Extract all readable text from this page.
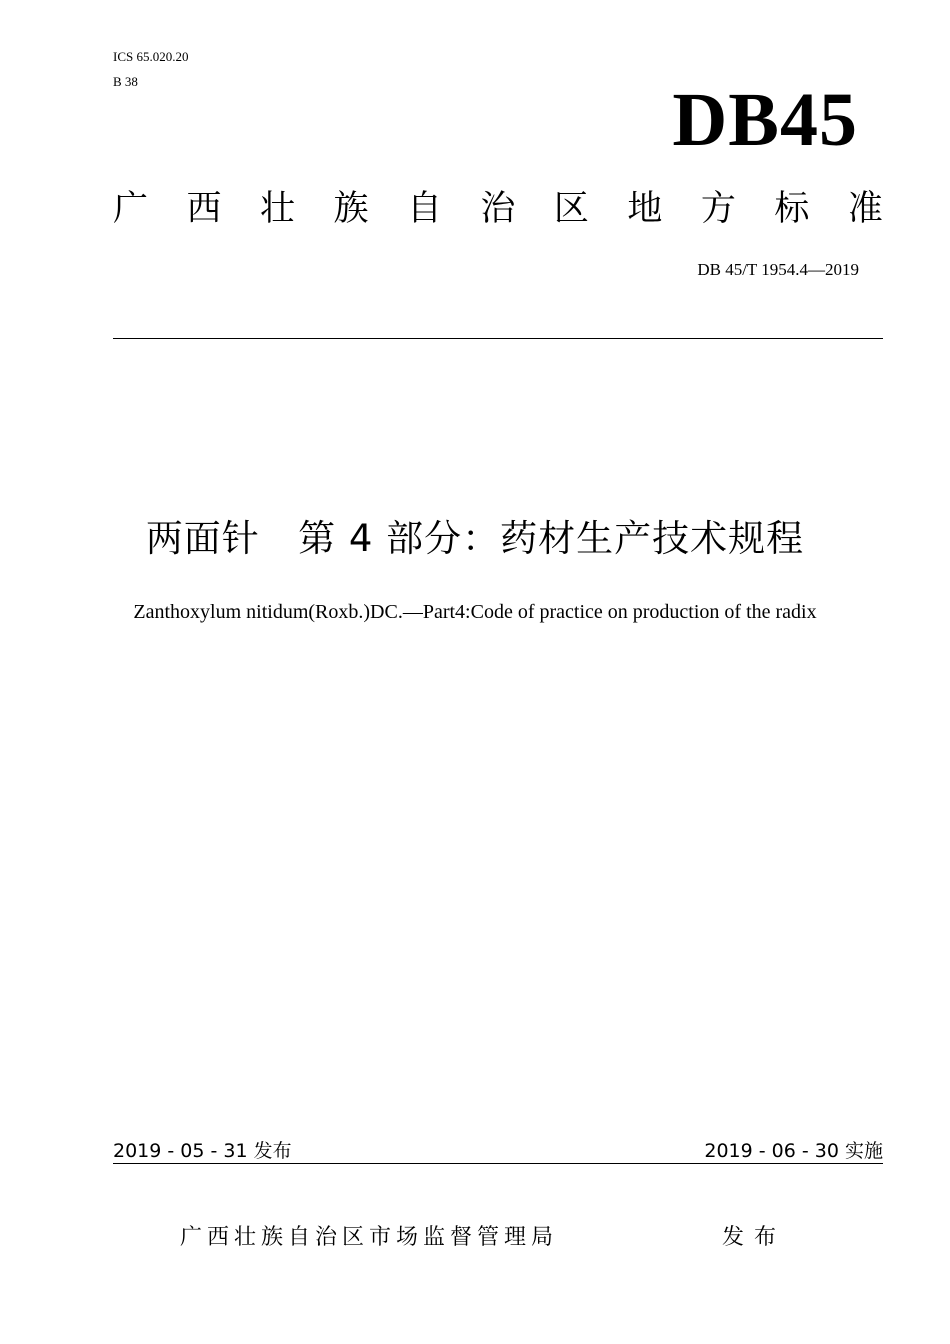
ICS 65.020.20
B 38	DB45
广 西 壮 族 自 治 区 地 方 标 准
DB 45/T 1954.4—2019
两面针   第 4 部分：药材生产技术规程
Zanthoxylum nitidum(Roxb.)DC.—Part4:Code of practice on production of the radix
2019 - 05 - 31 发布	2019 - 06 - 30 实施
广西壮族自治区市场监督管理局	发布
